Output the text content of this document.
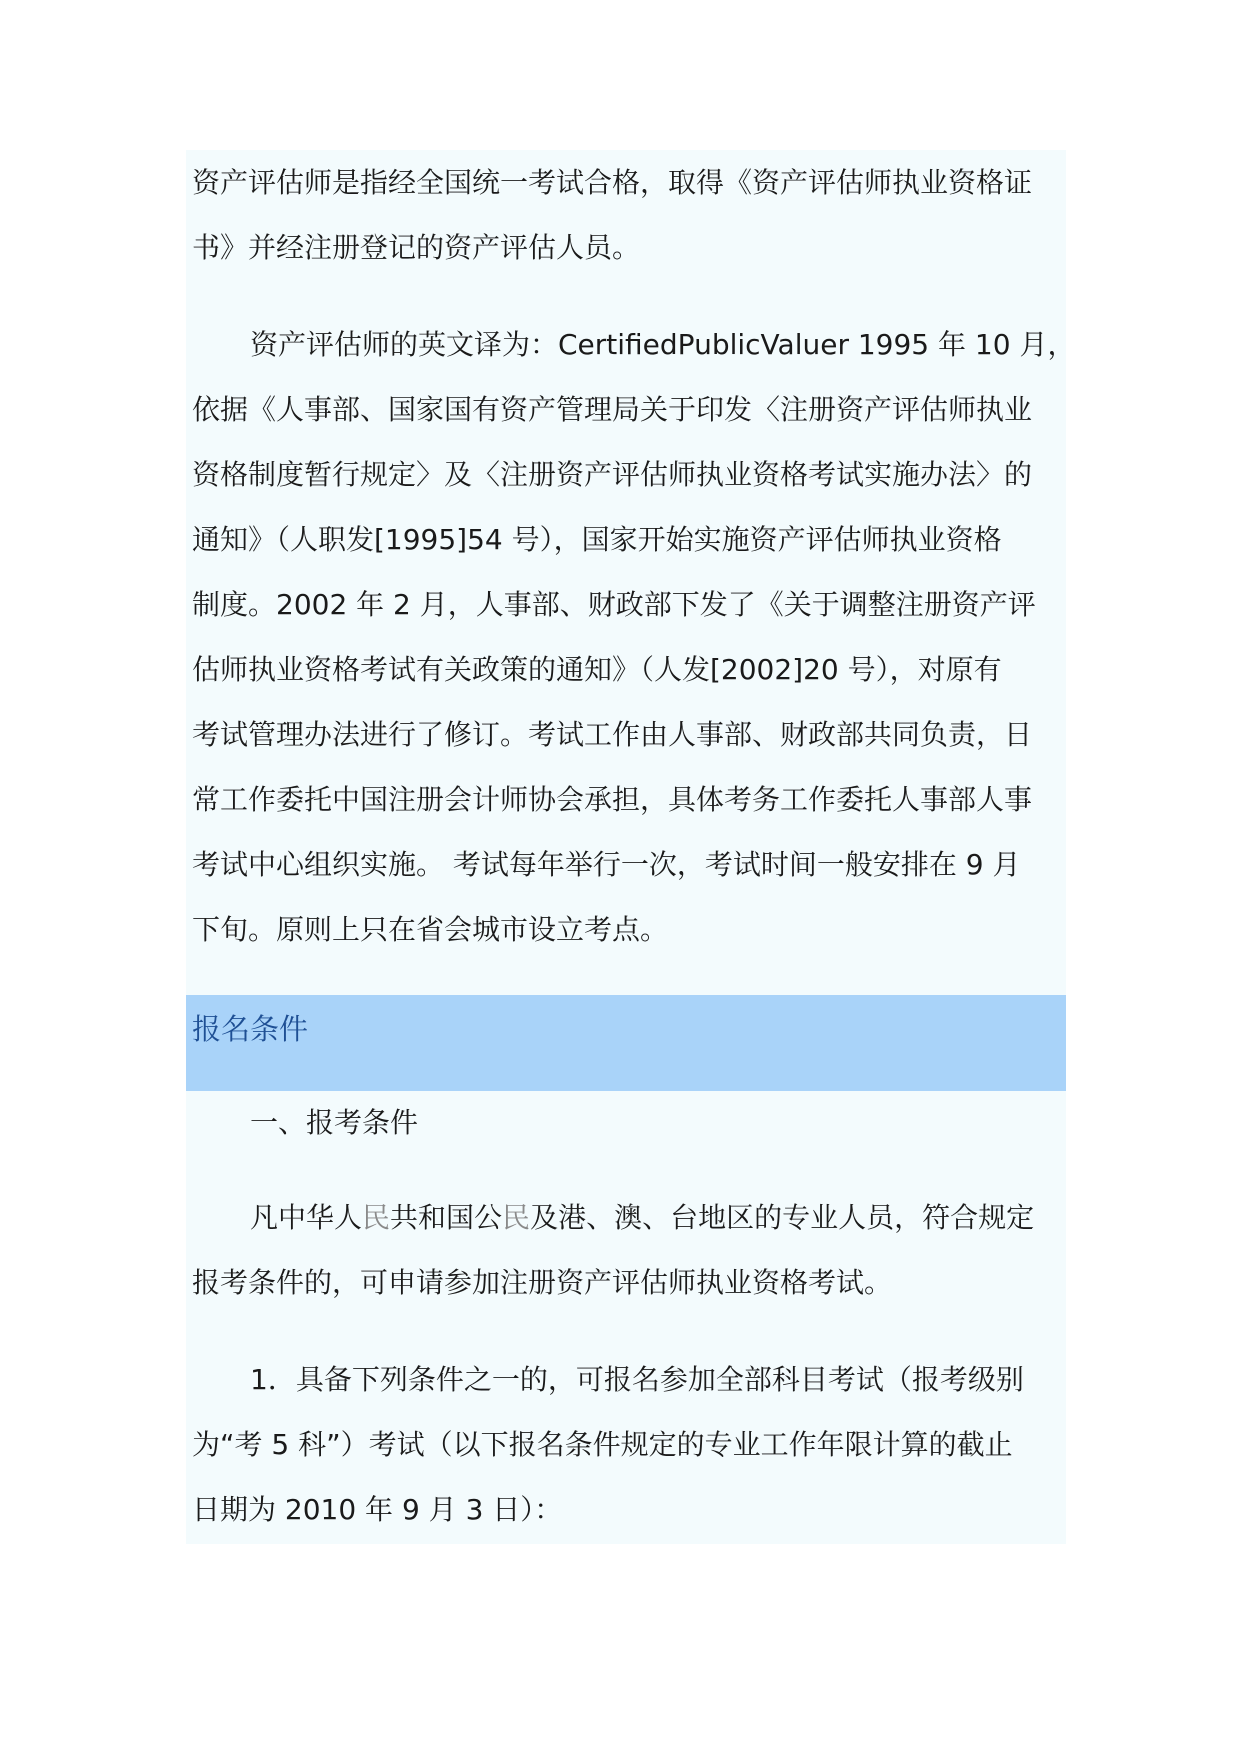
资产评估师是指经全国统一考试合格，取得《资产评估师执业资格证
书》并经注册登记的资产评估人员。
资产评估师的英文译为：CertifiedPublicValuer 1995 年 10 月，
依据《人事部、国家国有资产管理局关于印发〈注册资产评估师执业
资格制度暂行规定〉及〈注册资产评估师执业资格考试实施办法〉的
通知》（人职发[1995]54 号），国家开始实施资产评估师执业资格
制度。2002 年 2 月，人事部、财政部下发了《关于调整注册资产评
估师执业资格考试有关政策的通知》（人发[2002]20 号），对原有
考试管理办法进行了修订。考试工作由人事部、财政部共同负责，日
常工作委托中国注册会计师协会承担，具体考务工作委托人事部人事
考试中心组织实施。 考试每年举行一次，考试时间一般安排在 9 月
下旬。原则上只在省会城市设立考点。
报名条件
一、报考条件
凡中华人民共和国公民及港、澳、台地区的专业人员，符合规定
报考条件的，可申请参加注册资产评估师执业资格考试。
1．具备下列条件之一的，可报名参加全部科目考试（报考级别
为“考 5 科”）考试（以下报名条件规定的专业工作年限计算的截止
日期为 2010 年 9 月 3 日）：
